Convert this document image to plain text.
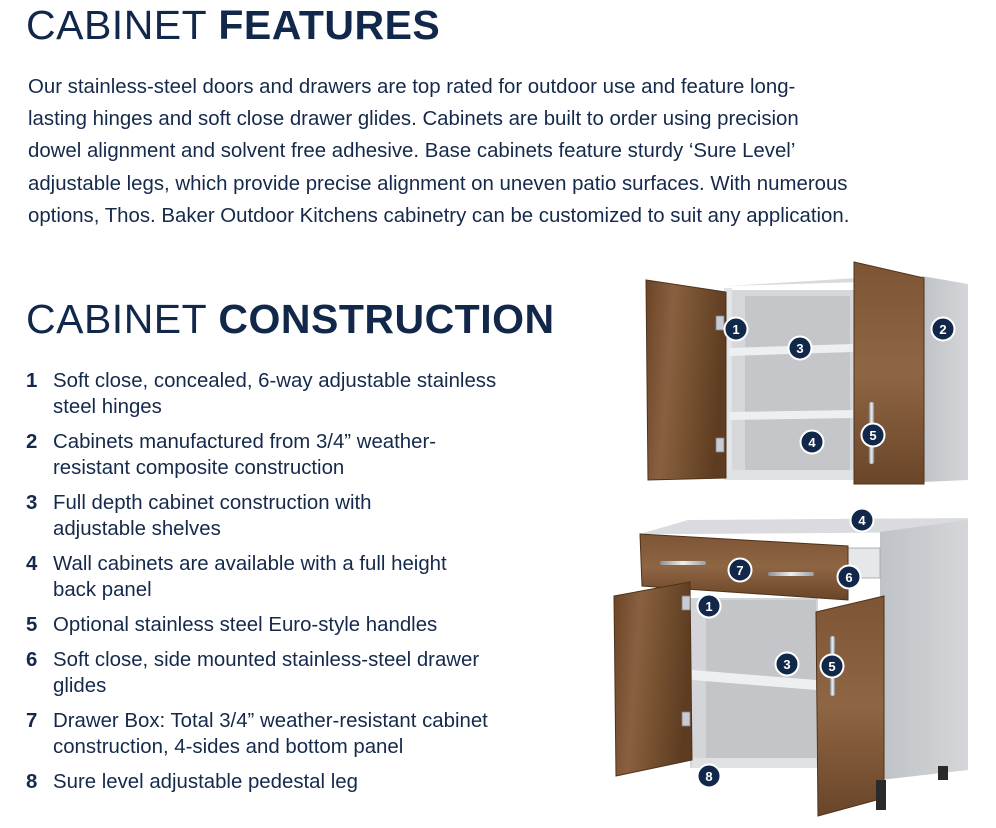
CABINET FEATURES
Our stainless-steel doors and drawers are top rated for outdoor use and feature long-
lasting hinges and soft close drawer glides. Cabinets are built to order using precision
dowel alignment and solvent free adhesive. Base cabinets feature sturdy ‘Sure Level’
adjustable legs, which provide precise alignment on uneven patio surfaces. With numerous
options, Thos. Baker Outdoor Kitchens cabinetry can be customized to suit any application.
CABINET CONSTRUCTION
1 Soft close, concealed, 6-way adjustable stainless
steel hinges
2 Cabinets manufactured from 3/4” weather-
resistant composite construction
3 Full depth cabinet construction with
adjustable shelves
4 Wall cabinets are available with a full height
back panel
5 Optional stainless steel Euro-style handles
6 Soft close, side mounted stainless-steel drawer
glides
7 Drawer Box: Total 3/4” weather-resistant cabinet
construction, 4-sides and bottom panel
8 Sure level adjustable pedestal leg
1	2
3
4	5
4
7	6
1
3	5
8
